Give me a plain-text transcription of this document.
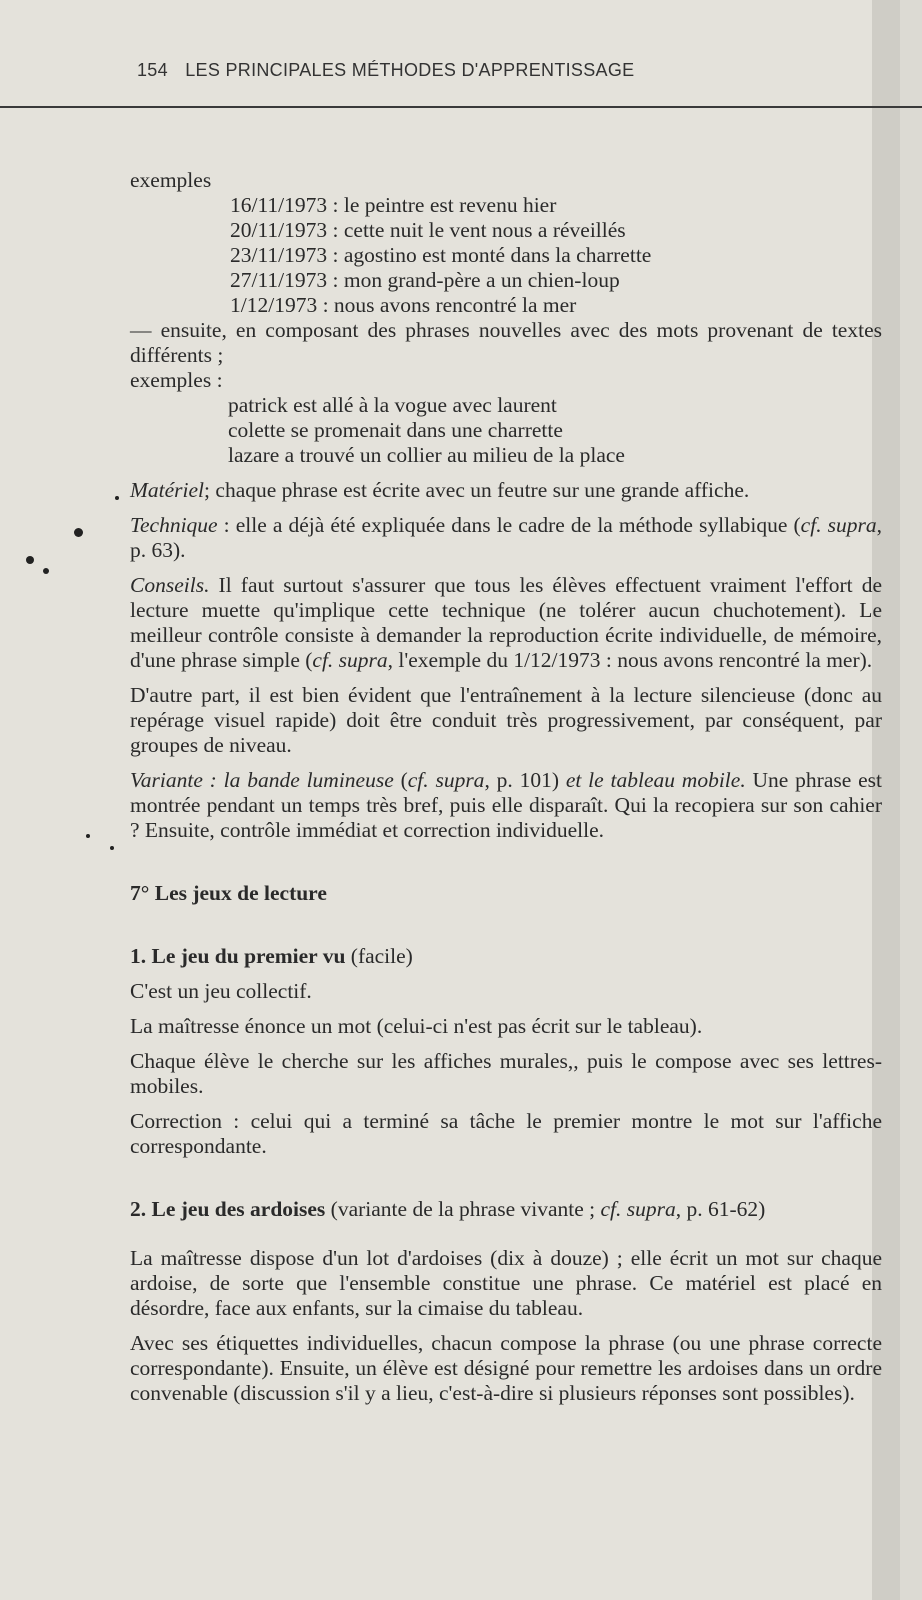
154 LES PRINCIPALES MÉTHODES D'APPRENTISSAGE

exemples

16/11/1973 : le peintre est revenu hier
20/11/1973 : cette nuit le vent nous a réveillés
23/11/1973 : agostino est monté dans la charrette
27/11/1973 : mon grand-père a un chien-loup
1/12/1973 : nous avons rencontré la mer

— ensuite, en composant des phrases nouvelles avec des mots provenant de textes différents ;

exemples :

patrick est allé à la vogue avec laurent
colette se promenait dans une charrette
lazare a trouvé un collier au milieu de la place

Matériel; chaque phrase est écrite avec un feutre sur une grande affiche.

Technique : elle a déjà été expliquée dans le cadre de la méthode syllabique (cf. supra, p. 63).

Conseils. Il faut surtout s'assurer que tous les élèves effectuent vraiment l'effort de lecture muette qu'implique cette technique (ne tolérer aucun chuchotement). Le meilleur contrôle consiste à demander la reproduction écrite individuelle, de mémoire, d'une phrase simple (cf. supra, l'exemple du 1/12/1973 : nous avons rencontré la mer).

D'autre part, il est bien évident que l'entraînement à la lecture silencieuse (donc au repérage visuel rapide) doit être conduit très progressivement, par conséquent, par groupes de niveau.

Variante : la bande lumineuse (cf. supra, p. 101) et le tableau mobile. Une phrase est montrée pendant un temps très bref, puis elle disparaît. Qui la recopiera sur son cahier ? Ensuite, contrôle immédiat et correction individuelle.

7° Les jeux de lecture

1. Le jeu du premier vu (facile)

C'est un jeu collectif.

La maîtresse énonce un mot (celui-ci n'est pas écrit sur le tableau).

Chaque élève le cherche sur les affiches murales,, puis le compose avec ses lettres-mobiles.

Correction : celui qui a terminé sa tâche le premier montre le mot sur l'affiche correspondante.

2. Le jeu des ardoises (variante de la phrase vivante ; cf. supra, p. 61-62)

La maîtresse dispose d'un lot d'ardoises (dix à douze) ; elle écrit un mot sur chaque ardoise, de sorte que l'ensemble constitue une phrase. Ce matériel est placé en désordre, face aux enfants, sur la cimaise du tableau.

Avec ses étiquettes individuelles, chacun compose la phrase (ou une phrase correcte correspondante). Ensuite, un élève est désigné pour remettre les ardoises dans un ordre convenable (discussion s'il y a lieu, c'est-à-dire si plusieurs réponses sont possibles).
